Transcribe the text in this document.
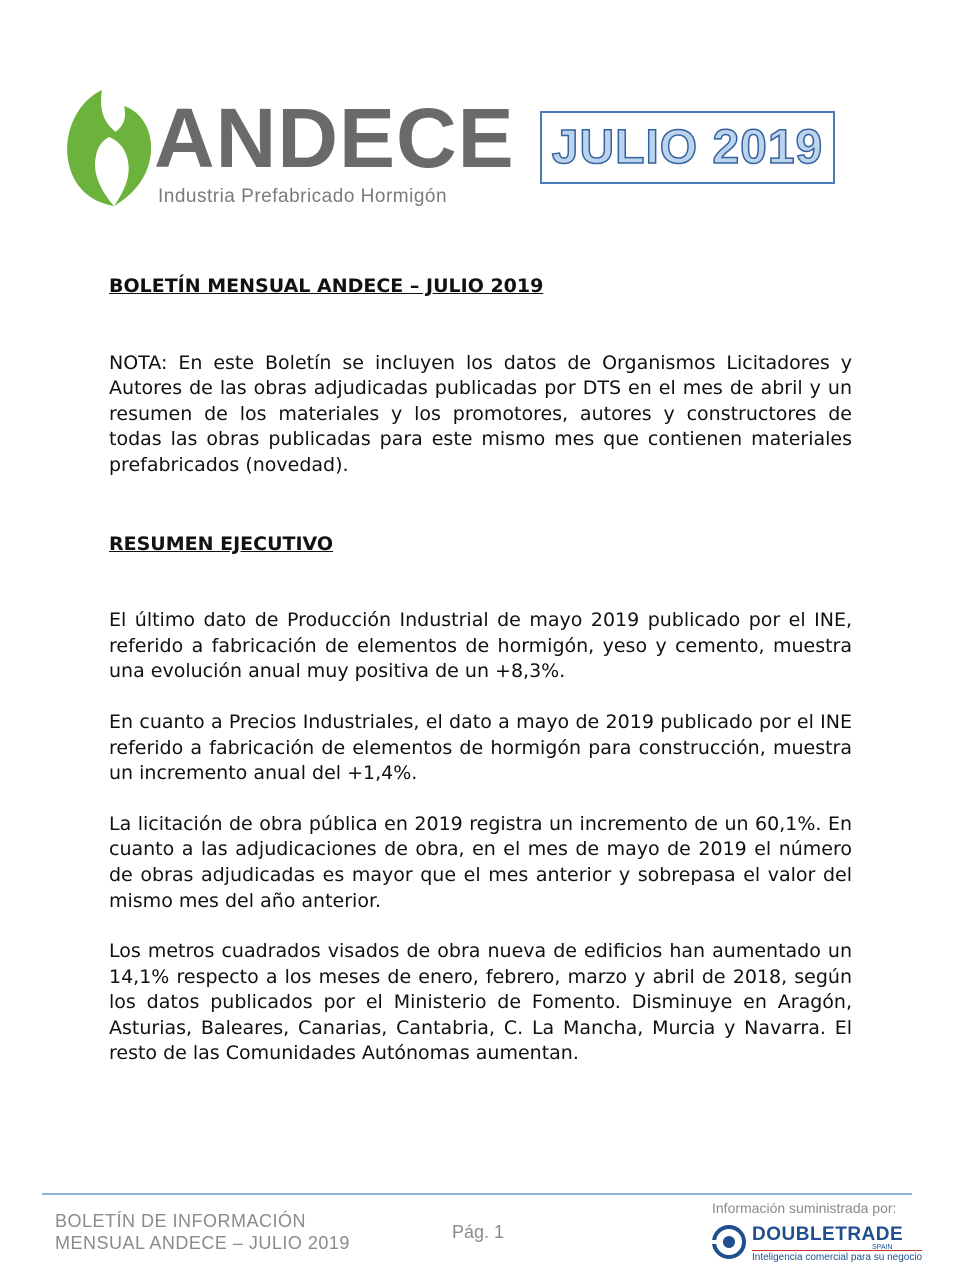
ANDECE
Industria Prefabricado Hormigón
JULIO 2019

BOLETÍN MENSUAL ANDECE – JULIO 2019

NOTA: En este Boletín se incluyen los datos de Organismos Licitadores y Autores de las obras adjudicadas publicadas por DTS en el mes de abril y un resumen de los materiales y los promotores, autores y constructores de todas las obras publicadas para este mismo mes que contienen materiales prefabricados (novedad).

RESUMEN EJECUTIVO

El último dato de Producción Industrial de mayo 2019 publicado por el INE, referido a fabricación de elementos de hormigón, yeso y cemento, muestra una evolución anual muy positiva de un +8,3%.

En cuanto a Precios Industriales, el dato a mayo de 2019 publicado por el INE referido a fabricación de elementos de hormigón para construcción, muestra un incremento anual del +1,4%.

La licitación de obra pública en 2019 registra un incremento de un 60,1%. En cuanto a las adjudicaciones de obra, en el mes de mayo de 2019 el número de obras adjudicadas es mayor que el mes anterior y sobrepasa el valor del mismo mes del año anterior.

Los metros cuadrados visados de obra nueva de edificios han aumentado un 14,1% respecto a los meses de enero, febrero, marzo y abril de 2018, según los datos publicados por el Ministerio de Fomento. Disminuye en Aragón, Asturias, Baleares, Canarias, Cantabria, C. La Mancha, Murcia y Navarra. El resto de las Comunidades Autónomas aumentan.

BOLETÍN DE INFORMACIÓN
MENSUAL ANDECE – JULIO 2019
Pág. 1
Información suministrada por:
DOUBLETRADE
SPAIN
Inteligencia comercial para su negocio
